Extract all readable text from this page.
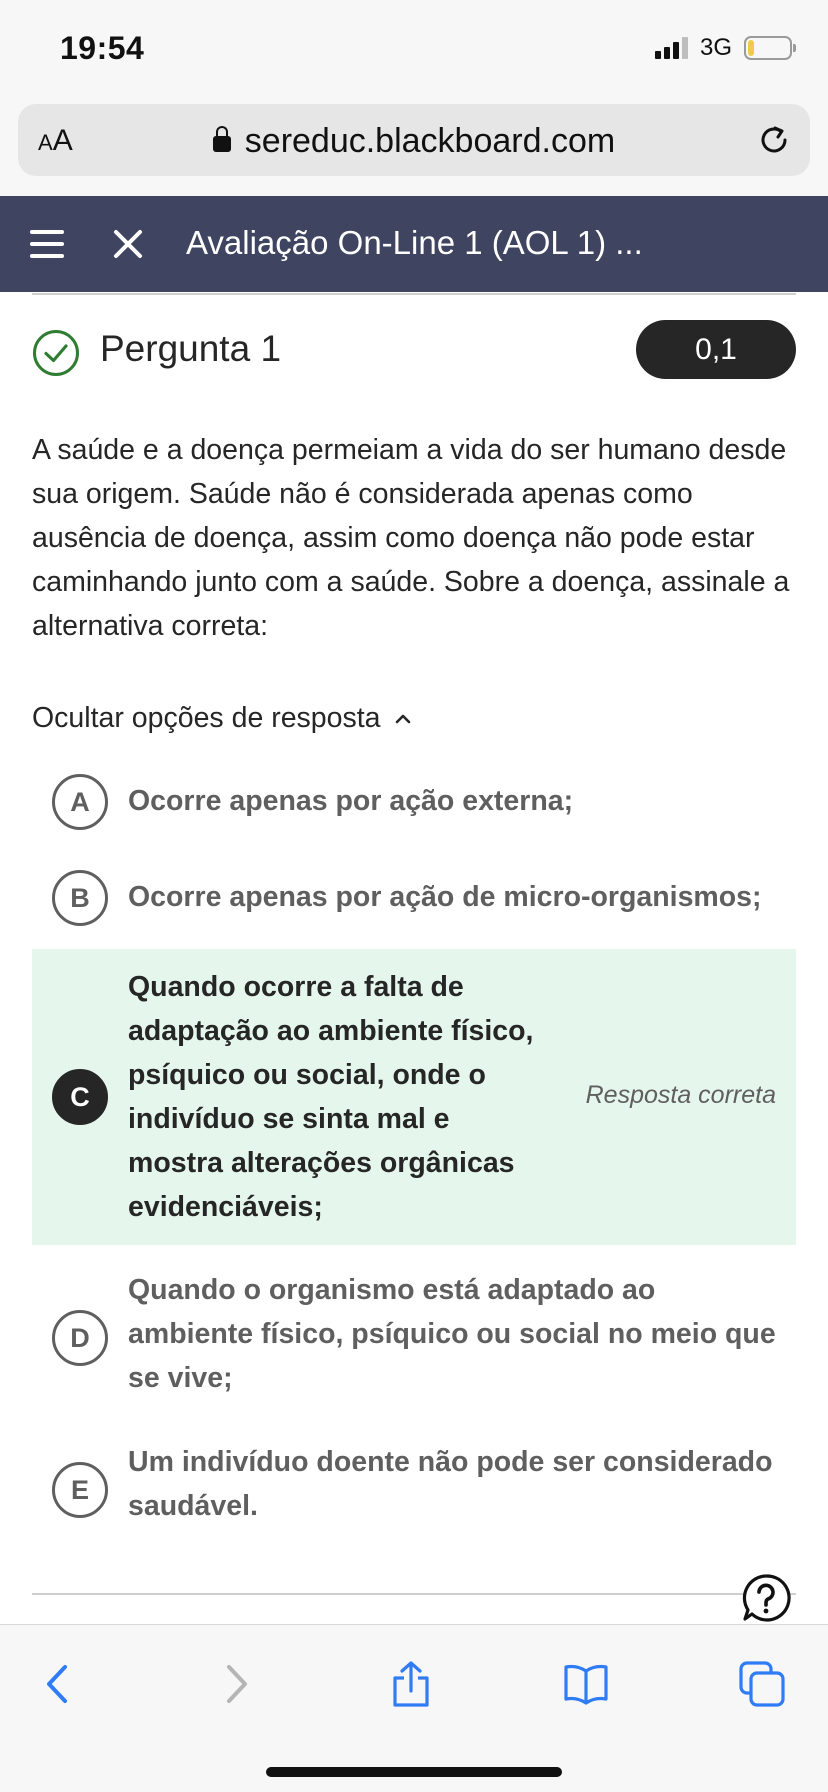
19:54	3G
AA	sereduc.blackboard.com
Avaliação On-Line 1 (AOL 1) ...
Pergunta 1	0,1
A saúde e a doença permeiam a vida do ser humano desde sua origem. Saúde não é considerada apenas como ausência de doença, assim como doença não pode estar caminhando junto com a saúde. Sobre a doença, assinale a alternativa correta:
Ocultar opções de resposta
A	Ocorre apenas por ação externa;
B	Ocorre apenas por ação de micro-organismos;
C
Quando ocorre a falta de adaptação ao ambiente físico, psíquico ou social, onde o indivíduo se sinta mal e mostra alterações orgânicas evidenciáveis;
Resposta correta
D
Quando o organismo está adaptado ao ambiente físico, psíquico ou social no meio que se vive;
E
Um indivíduo doente não pode ser considerado saudável.
